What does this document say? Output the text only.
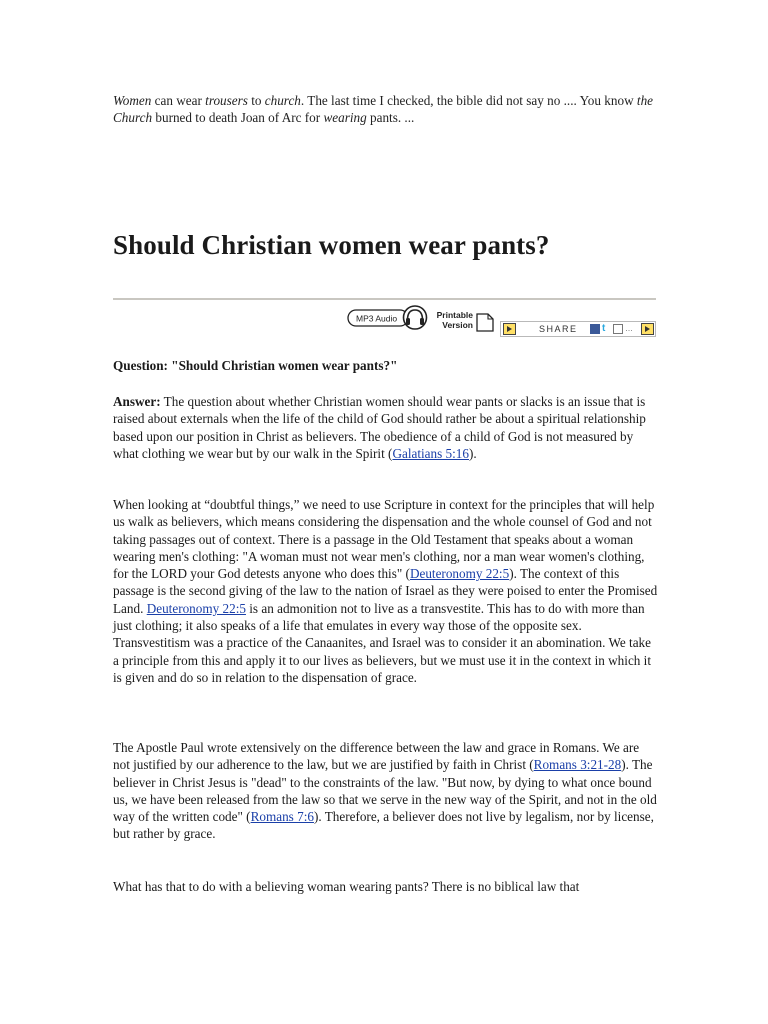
Women can wear trousers to church. The last time I checked, the bible did not say no .... You know the Church burned to death Joan of Arc for wearing pants. ...
Should Christian women wear pants?
MP3 Audio	Printable
Version	SHARE t	…
Question: "Should Christian women wear pants?"

Answer: The question about whether Christian women should wear pants or slacks is an issue that is raised about externals when the life of the child of God should rather be about a spiritual relationship based upon our position in Christ as believers. The obedience of a child of God is not measured by what clothing we wear but by our walk in the Spirit (Galatians 5:16).

When looking at “doubtful things,” we need to use Scripture in context for the principles that will help us walk as believers, which means considering the dispensation and the whole counsel of God and not taking passages out of context. There is a passage in the Old Testament that speaks about a woman wearing men's clothing: "A woman must not wear men's clothing, nor a man wear women's clothing, for the LORD your God detests anyone who does this" (Deuteronomy 22:5). The context of this passage is the second giving of the law to the nation of Israel as they were poised to enter the Promised Land. Deuteronomy 22:5 is an admonition not to live as a transvestite. This has to do with more than just clothing; it also speaks of a life that emulates in every way those of the opposite sex. Transvestitism was a practice of the Canaanites, and Israel was to consider it an abomination. We take a principle from this and apply it to our lives as believers, but we must use it in the context in which it is given and do so in relation to the dispensation of grace.

The Apostle Paul wrote extensively on the difference between the law and grace in Romans. We are not justified by our adherence to the law, but we are justified by faith in Christ (Romans 3:21-28). The believer in Christ Jesus is "dead" to the constraints of the law. "But now, by dying to what once bound us, we have been released from the law so that we serve in the new way of the Spirit, and not in the old way of the written code" (Romans 7:6). Therefore, a believer does not live by legalism, nor by license, but rather by grace.

What has that to do with a believing woman wearing pants? There is no biblical law that
